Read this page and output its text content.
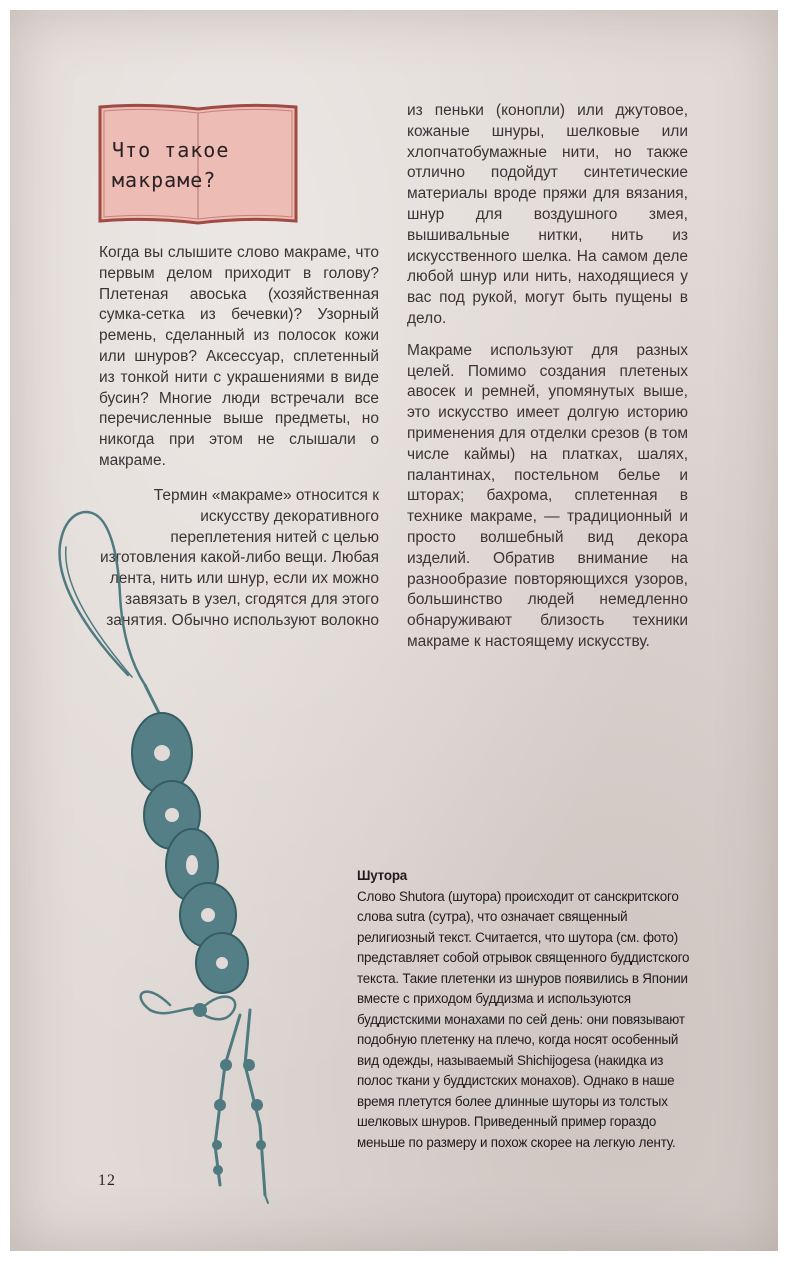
Что такое
макраме?

Когда вы слышите слово макраме, что первым делом приходит в голову? Плетеная авоська (хозяйственная сумка-сетка из бечевки)? Узорный ремень, сделанный из полосок кожи или шнуров? Аксессуар, сплетенный из тонкой нити с украшениями в виде бусин? Многие люди встречали все перечисленные выше предметы, но никогда при этом не слышали о макраме.

Термин «макраме» относится к искусству декоративного переплетения нитей с целью изготовления какой-либо вещи. Любая лента, нить или шнур, если их можно завязать в узел, сгодятся для этого занятия. Обычно используют волокно

из пеньки (конопли) или джутовое, кожаные шнуры, шелковые или хлопчатобумажные нити, но также отлично подойдут синтетические материалы вроде пряжи для вязания, шнур для воздушного змея, вышивальные нитки, нить из искусственного шелка. На самом деле любой шнур или нить, находящиеся у вас под рукой, могут быть пущены в дело.

Макраме используют для разных целей. Помимо создания плетеных авосек и ремней, упомянутых выше, это искусство имеет долгую историю применения для отделки срезов (в том числе каймы) на платках, шалях, палантинах, постельном белье и шторах; бахрома, сплетенная в технике макраме, — традиционный и просто волшебный вид декора изделий. Обратив внимание на разнообразие повторяющихся узоров, большинство людей немедленно обнаруживают близость техники макраме к настоящему искусству.

Шутора
Слово Shutora (шутора) происходит от санскритского слова sutra (сутра), что означает священный религиозный текст. Считается, что шутора (см. фото) представляет собой отрывок священного буддистского текста. Такие плетенки из шнуров появились в Японии вместе с приходом буддизма и используются буддистскими монахами по сей день: они повязывают подобную плетенку на плечо, когда носят особенный вид одежды, называемый Shichijogesa (накидка из полос ткани у буддистских монахов). Однако в наше время плетутся более длинные шуторы из толстых шелковых шнуров. Приведенный пример гораздо меньше по размеру и похож скорее на легкую ленту.
12
